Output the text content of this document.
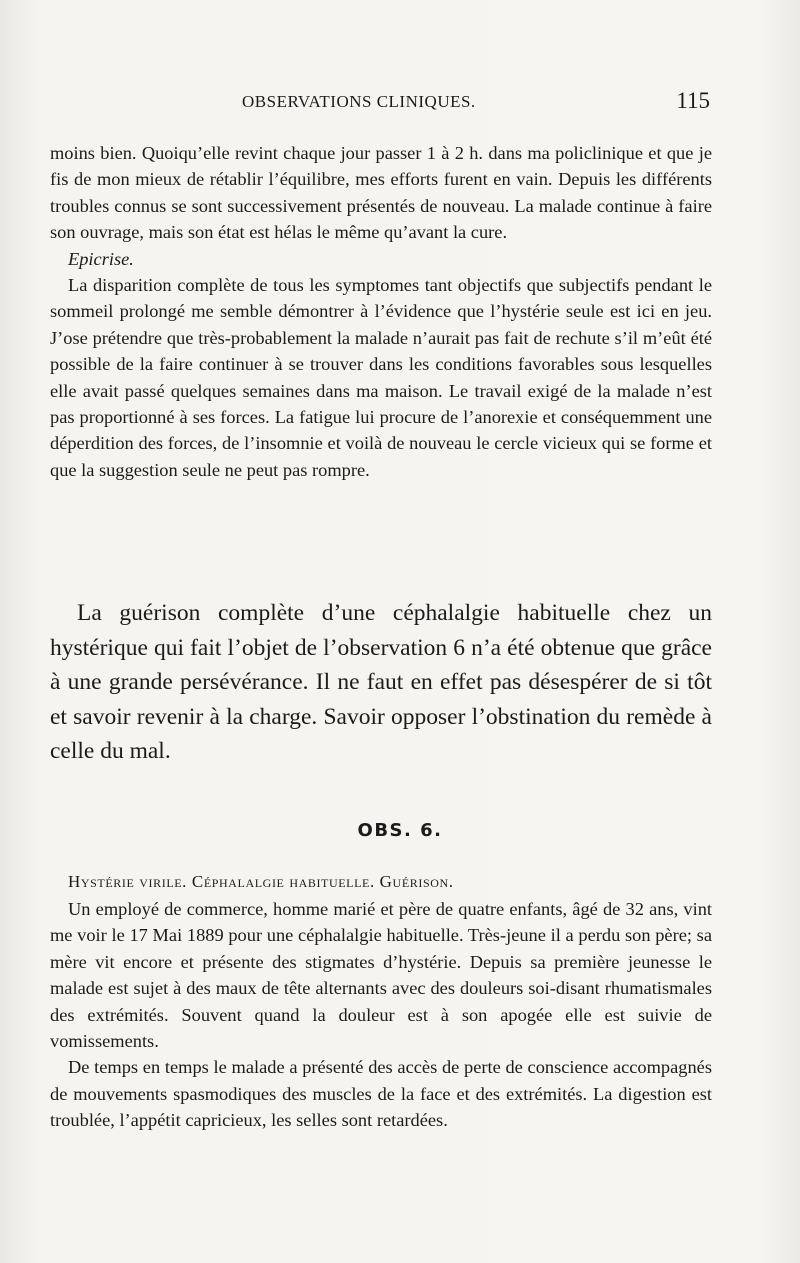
OBSERVATIONS CLINIQUES.	115

moins bien. Quoiqu’elle revint chaque jour passer 1 à 2 h. dans ma policlinique et que je fis de mon mieux de rétablir l’équilibre, mes efforts furent en vain. Depuis les différents troubles connus se sont successivement présentés de nouveau. La malade continue à faire son ouvrage, mais son état est hélas le même qu’avant la cure.

Epicrise.

La disparition complète de tous les symptomes tant objectifs que subjectifs pendant le sommeil prolongé me semble démontrer à l’évidence que l’hystérie seule est ici en jeu. J’ose prétendre que très-probablement la malade n’aurait pas fait de rechute s’il m’eût été possible de la faire continuer à se trouver dans les conditions favorables sous lesquelles elle avait passé quelques semaines dans ma maison. Le travail exigé de la malade n’est pas proportionné à ses forces. La fatigue lui procure de l’anorexie et conséquemment une déperdition des forces, de l’insomnie et voilà de nouveau le cercle vicieux qui se forme et que la suggestion seule ne peut pas rompre.

La guérison complète d’une céphalalgie habituelle chez un hystérique qui fait l’objet de l’observation 6 n’a été obtenue que grâce à une grande persévérance. Il ne faut en effet pas désespérer de si tôt et savoir revenir à la charge. Savoir opposer l’obstination du remède à celle du mal.

OBS. 6.
Hystérie virile. Céphalalgie habituelle. Guérison.

Un employé de commerce, homme marié et père de quatre enfants, âgé de 32 ans, vint me voir le 17 Mai 1889 pour une céphalalgie habituelle. Très-jeune il a perdu son père; sa mère vit encore et présente des stigmates d’hystérie. Depuis sa première jeunesse le malade est sujet à des maux de tête alternants avec des douleurs soi-disant rhumatismales des extrémités. Souvent quand la douleur est à son apogée elle est suivie de vomissements.

De temps en temps le malade a présenté des accès de perte de conscience accompagnés de mouvements spasmodiques des muscles de la face et des extrémités. La digestion est troublée, l’appétit capricieux, les selles sont retardées.
